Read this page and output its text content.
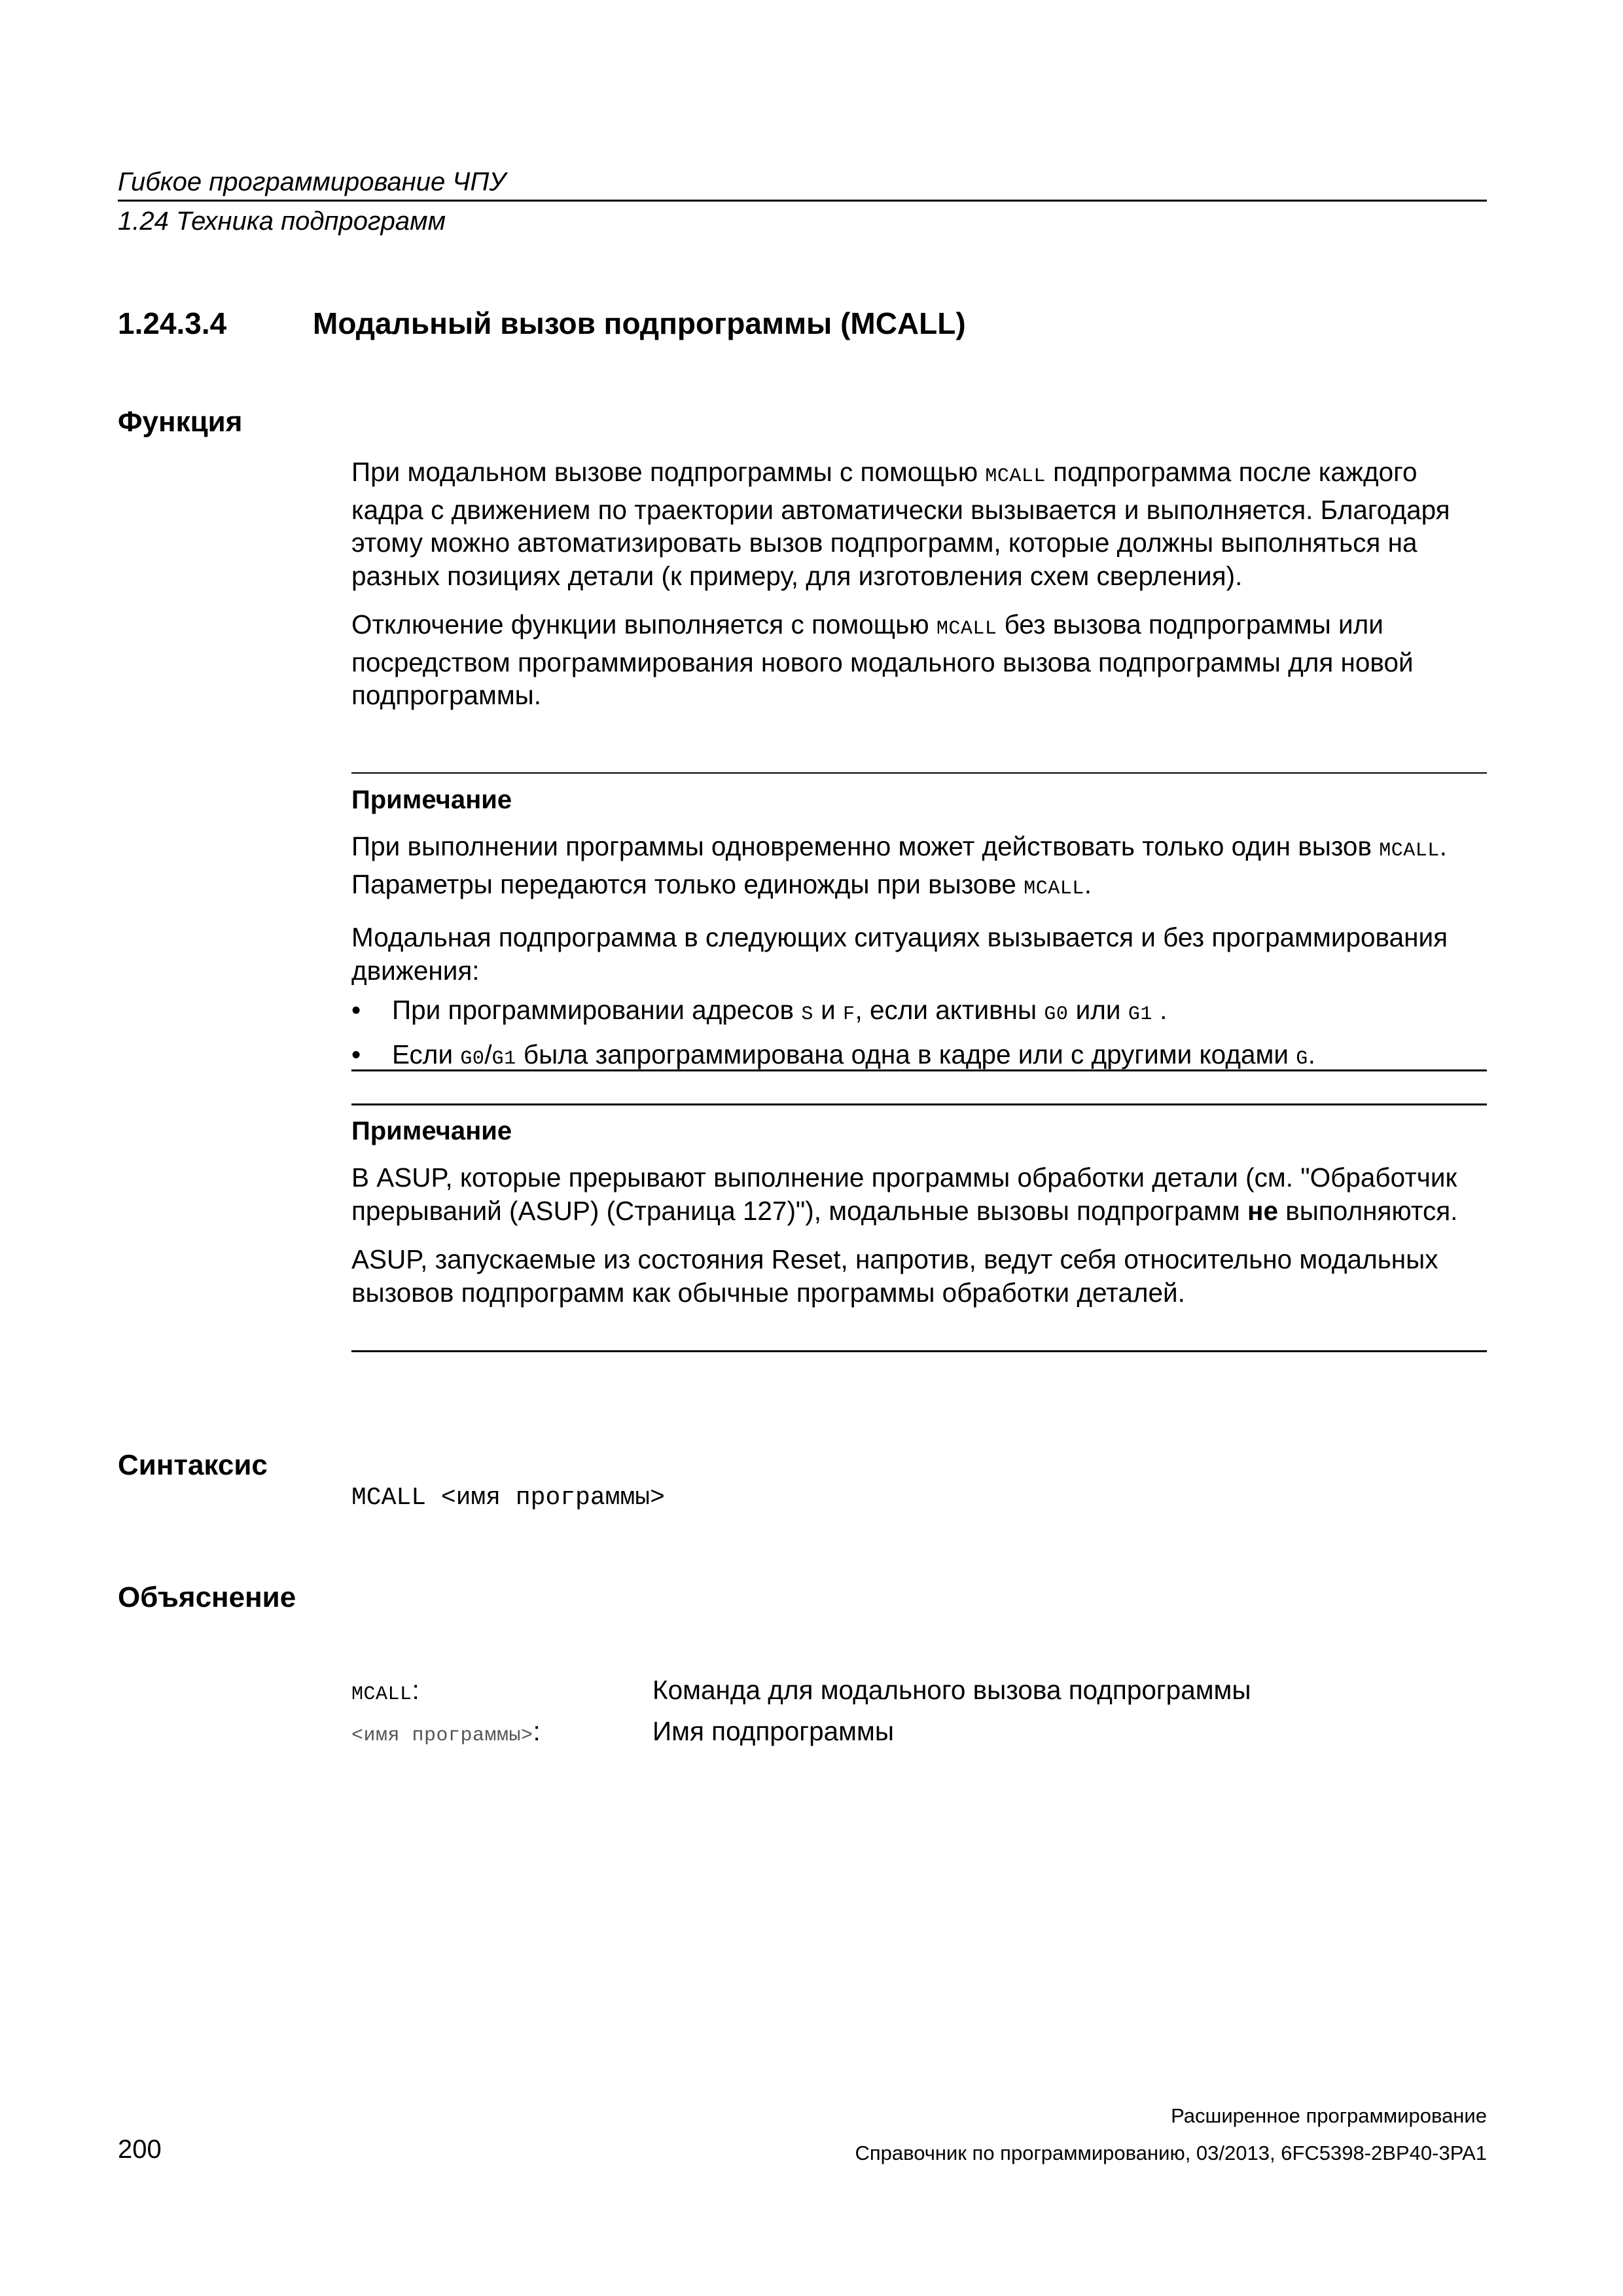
Гибкое программирование ЧПУ
1.24 Техника подпрограмм
1.24.3.4	Модальный вызов подпрограммы (MCALL)
Функция

При модальном вызове подпрограммы с помощью MCALL подпрограмма после каждого кадра с движением по траектории автоматически вызывается и выполняется. Благодаря этому можно автоматизировать вызов подпрограмм, которые должны выполняться на разных позициях детали (к примеру, для изготовления схем сверления).

Отключение функции выполняется с помощью MCALL без вызова подпрограммы или посредством программирования нового модального вызова подпрограммы для новой подпрограммы.

Примечание

При выполнении программы одновременно может действовать только один вызов MCALL. Параметры передаются только единожды при вызове MCALL.

Модальная подпрограмма в следующих ситуациях вызывается и без программирования движения:

• При программировании адресов S и F, если активны G0 или G1 .

• Если G0/G1 была запрограммирована одна в кадре или с другими кодами G.

Примечание

В ASUP, которые прерывают выполнение программы обработки детали (см. "Обработчик прерываний (ASUP) (Страница 127)"), модальные вызовы подпрограмм не выполняются.

ASUP, запускаемые из состояния Reset, напротив, ведут себя относительно модальных вызовов подпрограмм как обычные программы обработки деталей.

Синтаксис
MCALL <имя программы>
Объяснение
MCALL:	Команда для модального вызова подпрограммы
<имя программы>:	Имя подпрограммы
Расширенное программирование
200	Справочник по программированию, 03/2013, 6FC5398-2BP40-3PA1
